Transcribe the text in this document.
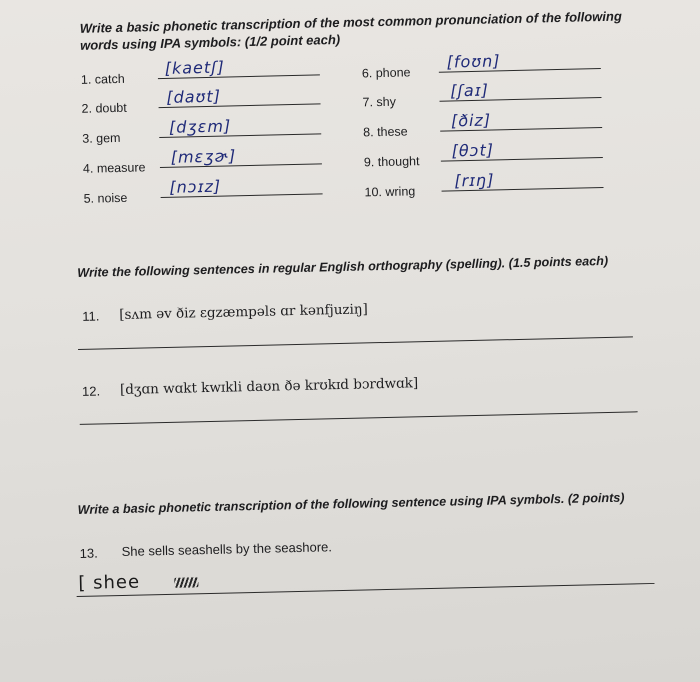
Write a basic phonetic transcription of the most common pronunciation of the following
words using IPA symbols: (1/2 point each)
1. catch
[kaetʃ]
2. doubt
[daʊt]
3. gem
[dʒɛm]
4. measure
[mɛʒɚ]
5. noise
[nɔɪz]
6. phone
[foʊn]
7. shy
[ʃaɪ]
8. these
[ðiz]
9. thought
[θɔt]
10. wring
[rɪŋ]
Write the following sentences in regular English orthography (spelling). (1.5 points each)
11. [sʌm əv ðiz ɛgzæmpəls ɑr kənfjuziŋ]
12. [dʒɑn wɑkt kwɪkli daʊn ðə krʊkɪd bɔrdwɑk]
Write a basic phonetic transcription of the following sentence using IPA symbols. (2 points)
13. She sells seashells by the seashore.
[ shee
